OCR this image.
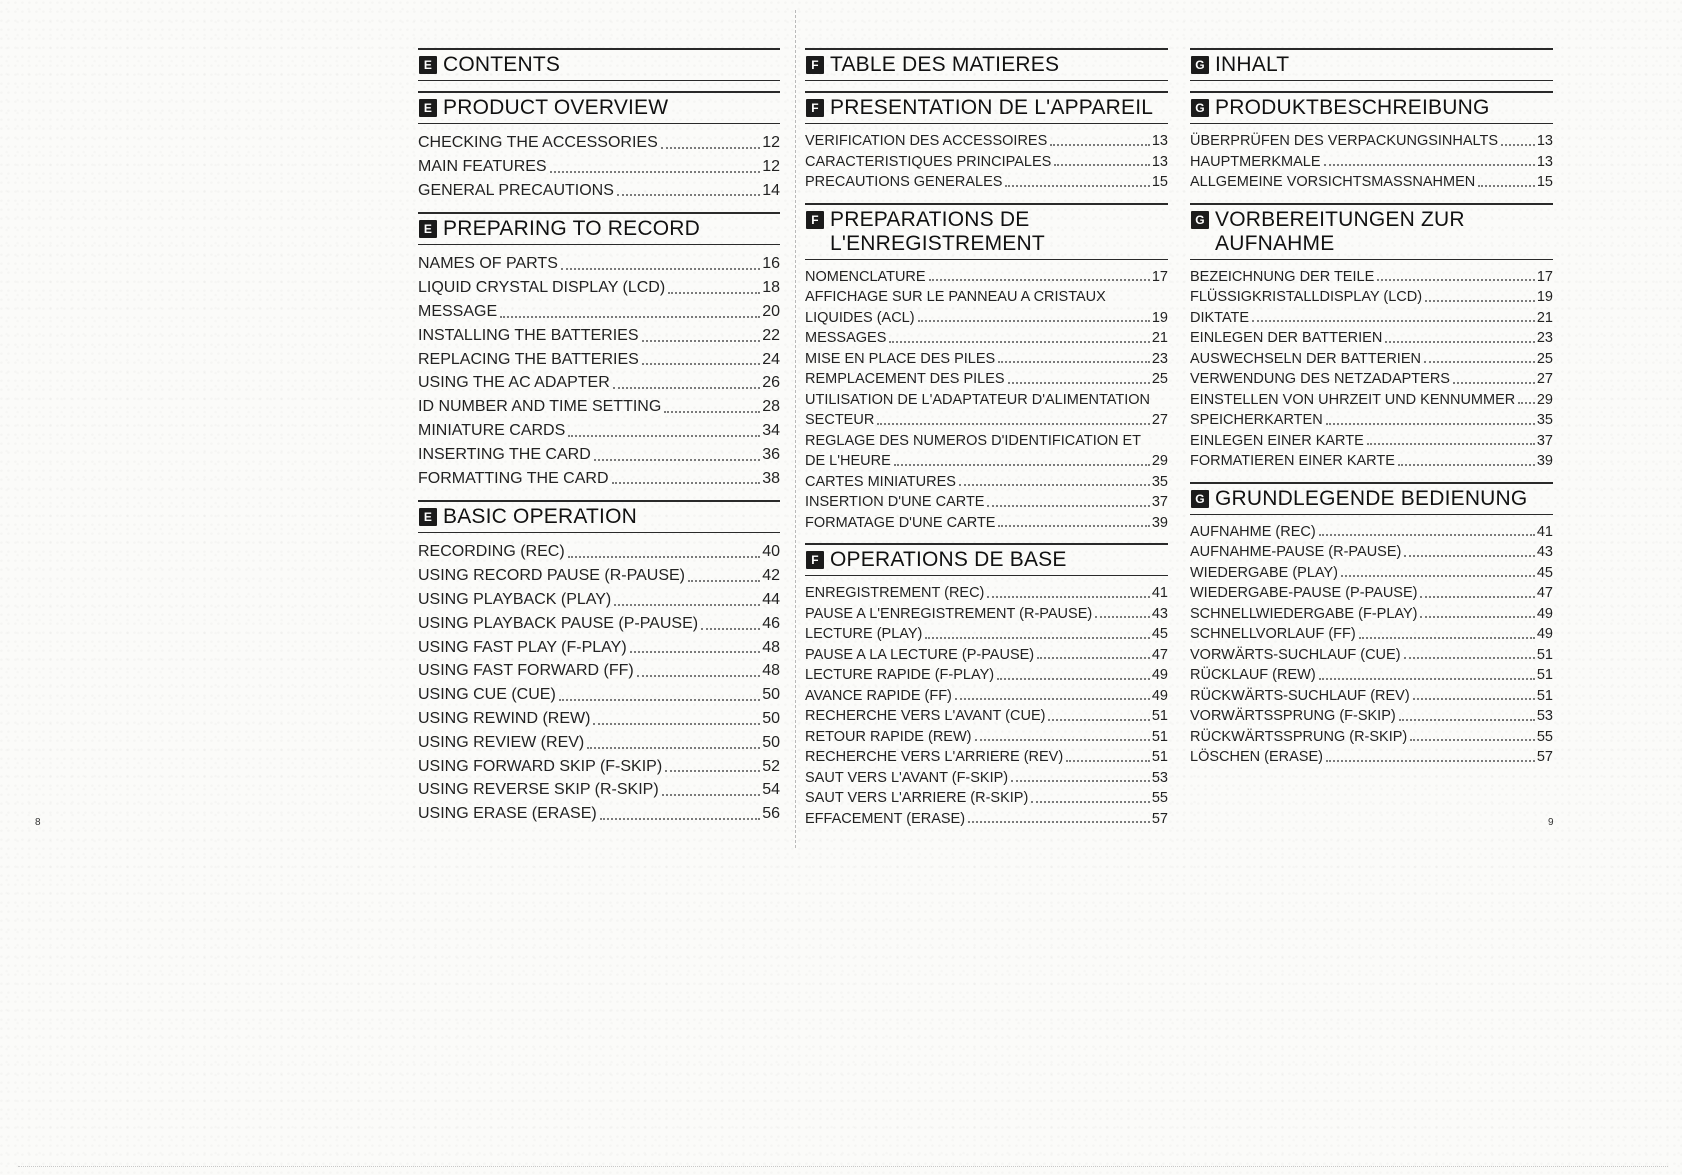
8	9
E CONTENTS
E PRODUCT OVERVIEW
CHECKING THE ACCESSORIES	12
MAIN FEATURES	12
GENERAL PRECAUTIONS	14
E PREPARING TO RECORD
NAMES OF PARTS	16
LIQUID CRYSTAL DISPLAY (LCD)	18
MESSAGE	20
INSTALLING THE BATTERIES	22
REPLACING THE BATTERIES	24
USING THE AC ADAPTER	26
ID NUMBER AND TIME SETTING	28
MINIATURE CARDS	34
INSERTING THE CARD	36
FORMATTING THE CARD	38
E BASIC OPERATION
RECORDING (REC)	40
USING RECORD PAUSE (R-PAUSE)	42
USING PLAYBACK (PLAY)	44
USING PLAYBACK PAUSE (P-PAUSE)	46
USING FAST PLAY (F-PLAY)	48
USING FAST FORWARD (FF)	48
USING CUE (CUE)	50
USING REWIND (REW)	50
USING REVIEW (REV)	50
USING FORWARD SKIP (F-SKIP)	52
USING REVERSE SKIP (R-SKIP)	54
USING ERASE (ERASE)	56
F TABLE DES MATIERES
F PRESENTATION DE L'APPAREIL
VERIFICATION DES ACCESSOIRES	13
CARACTERISTIQUES PRINCIPALES	13
PRECAUTIONS GENERALES	15
F PREPARATIONS DE
L'ENREGISTREMENT
NOMENCLATURE	17
AFFICHAGE SUR LE PANNEAU A CRISTAUX
LIQUIDES (ACL)	19
MESSAGES	21
MISE EN PLACE DES PILES	23
REMPLACEMENT DES PILES	25
UTILISATION DE L'ADAPTATEUR D'ALIMENTATION
SECTEUR	27
REGLAGE DES NUMEROS D'IDENTIFICATION ET
DE L'HEURE	29
CARTES MINIATURES	35
INSERTION D'UNE CARTE	37
FORMATAGE D'UNE CARTE	39
F OPERATIONS DE BASE
ENREGISTREMENT (REC)	41
PAUSE A L'ENREGISTREMENT (R-PAUSE)	43
LECTURE (PLAY)	45
PAUSE A LA LECTURE (P-PAUSE)	47
LECTURE RAPIDE (F-PLAY)	49
AVANCE RAPIDE (FF)	49
RECHERCHE VERS L'AVANT (CUE)	51
RETOUR RAPIDE (REW)	51
RECHERCHE VERS L'ARRIERE (REV)	51
SAUT VERS L'AVANT (F-SKIP)	53
SAUT VERS L'ARRIERE (R-SKIP)	55
EFFACEMENT (ERASE)	57
G INHALT
G PRODUKTBESCHREIBUNG
ÜBERPRÜFEN DES VERPACKUNGSINHALTS	13
HAUPTMERKMALE	13
ALLGEMEINE VORSICHTSMASSNAHMEN	15
G VORBEREITUNGEN ZUR
AUFNAHME
BEZEICHNUNG DER TEILE	17
FLÜSSIGKRISTALLDISPLAY (LCD)	19
DIKTATE	21
EINLEGEN DER BATTERIEN	23
AUSWECHSELN DER BATTERIEN	25
VERWENDUNG DES NETZADAPTERS	27
EINSTELLEN VON UHRZEIT UND KENNUMMER 29
SPEICHERKARTEN	35
EINLEGEN EINER KARTE	37
FORMATIEREN EINER KARTE	39
G GRUNDLEGENDE BEDIENUNG
AUFNAHME (REC)	41
AUFNAHME-PAUSE (R-PAUSE)	43
WIEDERGABE (PLAY)	45
WIEDERGABE-PAUSE (P-PAUSE)	47
SCHNELLWIEDERGABE (F-PLAY)	49
SCHNELLVORLAUF (FF)	49
VORWÄRTS-SUCHLAUF (CUE)	51
RÜCKLAUF (REW)	51
RÜCKWÄRTS-SUCHLAUF (REV)	51
VORWÄRTSSPRUNG (F-SKIP)	53
RÜCKWÄRTSSPRUNG (R-SKIP)	55
LÖSCHEN (ERASE)	57
